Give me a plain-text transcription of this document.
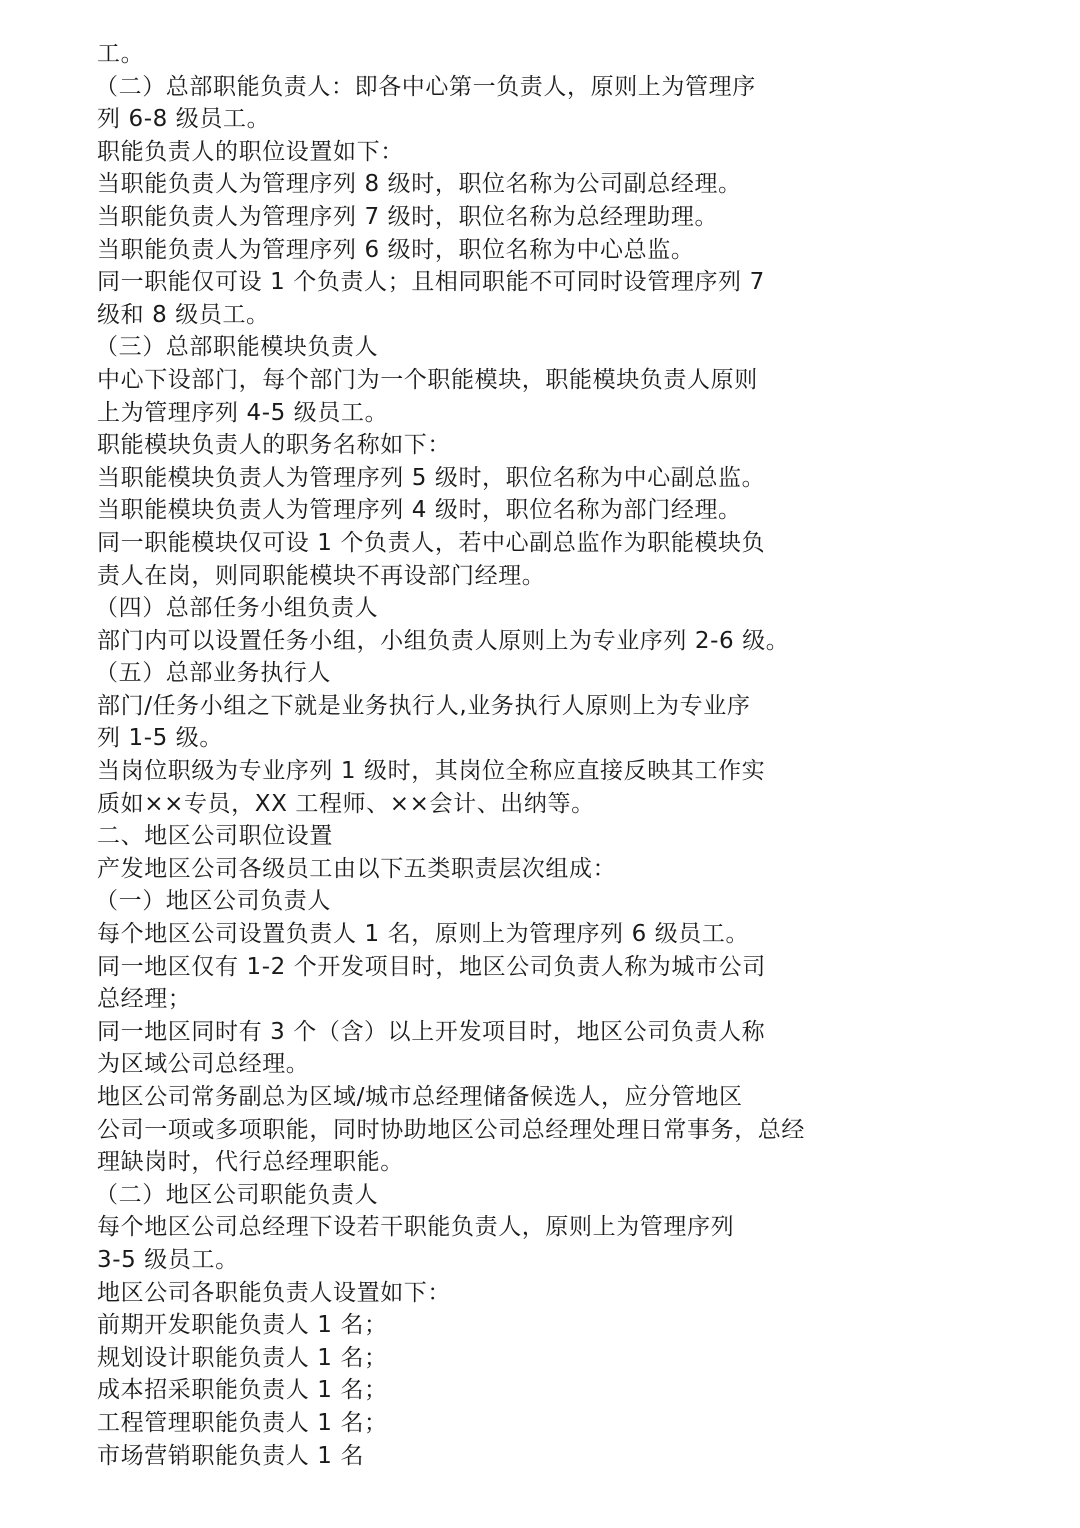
工。
（二）总部职能负责人：即各中心第一负责人，原则上为管理序
列 6-8 级员工。
职能负责人的职位设置如下：
当职能负责人为管理序列 8 级时，职位名称为公司副总经理。
当职能负责人为管理序列 7 级时，职位名称为总经理助理。
当职能负责人为管理序列 6 级时，职位名称为中心总监。
同一职能仅可设 1 个负责人；且相同职能不可同时设管理序列 7
级和 8 级员工。
（三）总部职能模块负责人
中心下设部门，每个部门为一个职能模块，职能模块负责人原则
上为管理序列 4-5 级员工。
职能模块负责人的职务名称如下：
当职能模块负责人为管理序列 5 级时，职位名称为中心副总监。
当职能模块负责人为管理序列 4 级时，职位名称为部门经理。
同一职能模块仅可设 1 个负责人，若中心副总监作为职能模块负
责人在岗，则同职能模块不再设部门经理。
（四）总部任务小组负责人
部门内可以设置任务小组，小组负责人原则上为专业序列 2-6 级。
（五）总部业务执行人
部门/任务小组之下就是业务执行人,业务执行人原则上为专业序
列 1-5 级。
当岗位职级为专业序列 1 级时，其岗位全称应直接反映其工作实
质如××专员，XX 工程师、××会计、出纳等。
二、地区公司职位设置
产发地区公司各级员工由以下五类职责层次组成：
（一）地区公司负责人
每个地区公司设置负责人 1 名，原则上为管理序列 6 级员工。
同一地区仅有 1-2 个开发项目时，地区公司负责人称为城市公司
总经理；
同一地区同时有 3 个（含）以上开发项目时，地区公司负责人称
为区域公司总经理。
地区公司常务副总为区域/城市总经理储备候选人，应分管地区
公司一项或多项职能，同时协助地区公司总经理处理日常事务，总经
理缺岗时，代行总经理职能。
（二）地区公司职能负责人
每个地区公司总经理下设若干职能负责人，原则上为管理序列
3-5 级员工。
地区公司各职能负责人设置如下：
前期开发职能负责人 1 名；
规划设计职能负责人 1 名；
成本招采职能负责人 1 名；
工程管理职能负责人 1 名；
市场营销职能负责人 1 名
